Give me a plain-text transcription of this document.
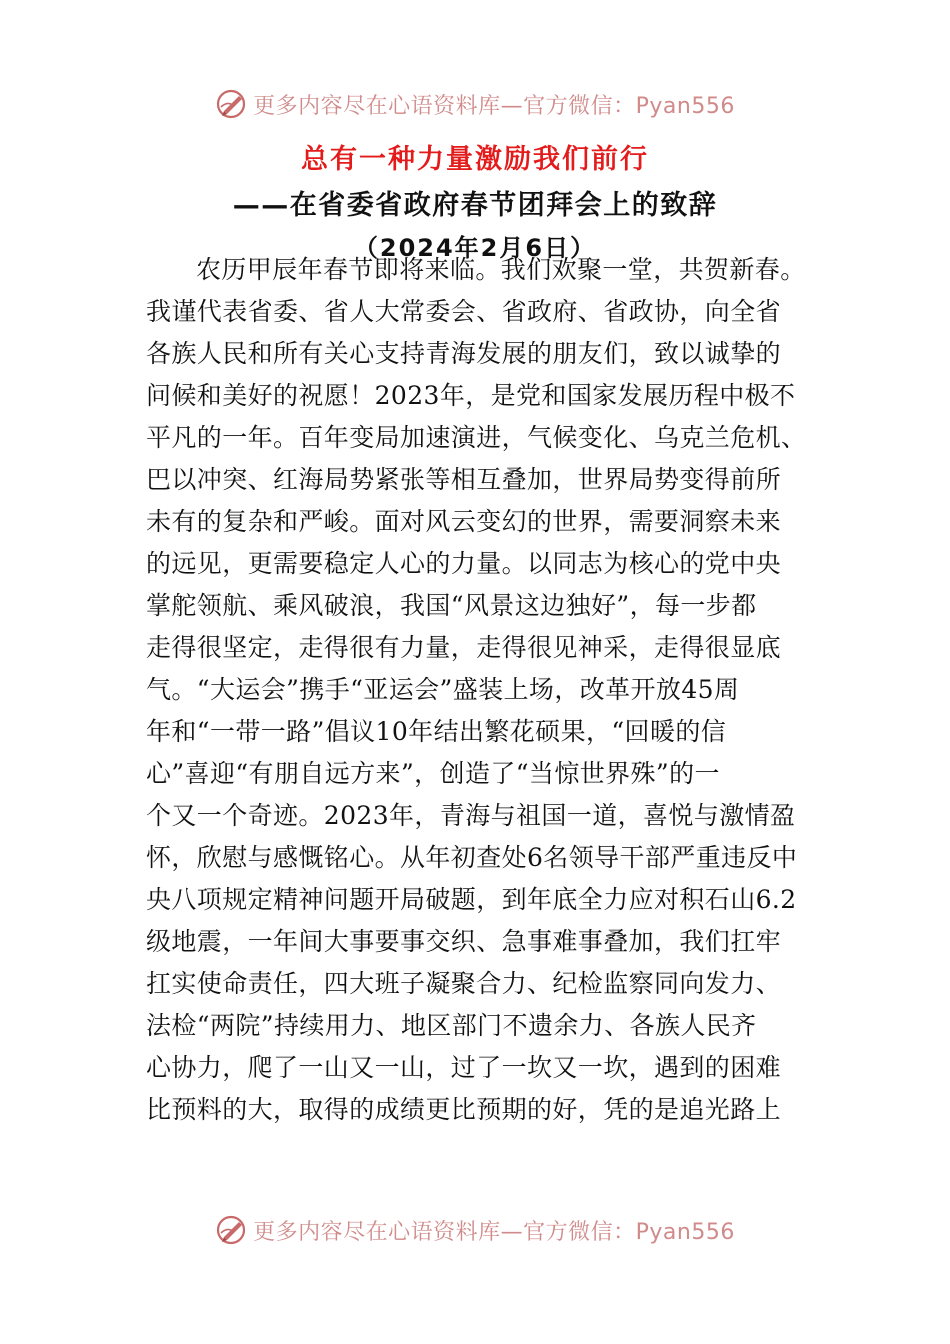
更多内容尽在心语资料库—官方微信：Pyan556
总有一种力量激励我们前行
——在省委省政府春节团拜会上的致辞
（2024年2月6日）
农历甲辰年春节即将来临。我们欢聚一堂，共贺新春。
我谨代表省委、省人大常委会、省政府、省政协，向全省
各族人民和所有关心支持青海发展的朋友们，致以诚挚的
问候和美好的祝愿！2023年，是党和国家发展历程中极不
平凡的一年。百年变局加速演进，气候变化、乌克兰危机、
巴以冲突、红海局势紧张等相互叠加，世界局势变得前所
未有的复杂和严峻。面对风云变幻的世界，需要洞察未来
的远见，更需要稳定人心的力量。以同志为核心的党中央
掌舵领航、乘风破浪，我国“风景这边独好”，每一步都
走得很坚定，走得很有力量，走得很见神采，走得很显底
气。“大运会”携手“亚运会”盛装上场，改革开放45周
年和“一带一路”倡议10年结出繁花硕果，“回暖的信
心”喜迎“有朋自远方来”，创造了“当惊世界殊”的一
个又一个奇迹。2023年，青海与祖国一道，喜悦与激情盈
怀，欣慰与感慨铭心。从年初查处6名领导干部严重违反中
央八项规定精神问题开局破题，到年底全力应对积石山6.2
级地震，一年间大事要事交织、急事难事叠加，我们扛牢
扛实使命责任，四大班子凝聚合力、纪检监察同向发力、
法检“两院”持续用力、地区部门不遗余力、各族人民齐
心协力，爬了一山又一山，过了一坎又一坎，遇到的困难
比预料的大，取得的成绩更比预期的好，凭的是追光路上
更多内容尽在心语资料库—官方微信：Pyan556
